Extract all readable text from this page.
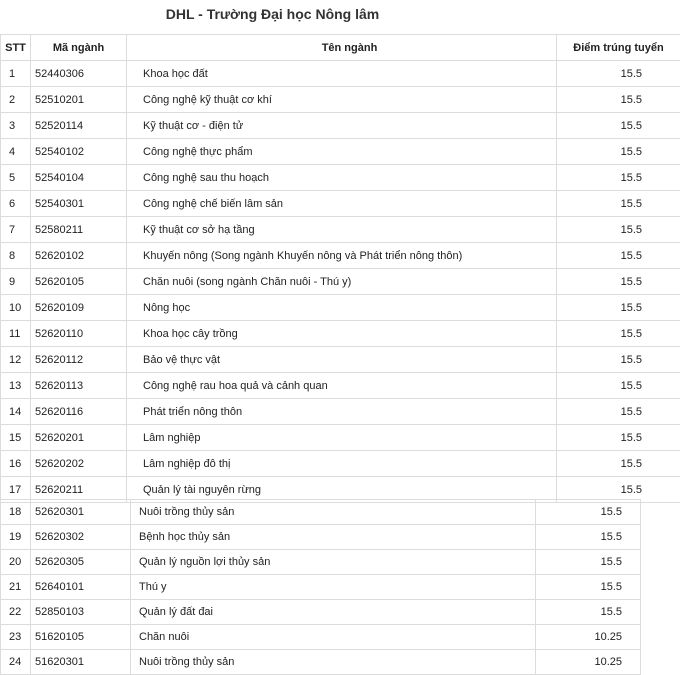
DHL - Trường Đại học Nông lâm
STT	Mã ngành	Tên ngành	Điểm trúng tuyển
1	52440306	Khoa học đất	15.5
2	52510201	Công nghệ kỹ thuật cơ khí	15.5
3	52520114	Kỹ thuật cơ - điện tử	15.5
4	52540102	Công nghệ thực phẩm	15.5
5	52540104	Công nghệ sau thu hoạch	15.5
6	52540301	Công nghệ chế biến lâm sản	15.5
7	52580211	Kỹ thuật cơ sở hạ tầng	15.5
8	52620102	Khuyến nông (Song ngành Khuyến nông và Phát triển nông thôn)	15.5
9	52620105	Chăn nuôi (song ngành Chăn nuôi - Thú y)	15.5
10	52620109	Nông học	15.5
11	52620110	Khoa học cây trồng	15.5
12	52620112	Bảo vệ thực vật	15.5
13	52620113	Công nghệ rau hoa quả và cảnh quan	15.5
14	52620116	Phát triển nông thôn	15.5
15	52620201	Lâm nghiệp	15.5
16	52620202	Lâm nghiệp đô thị	15.5
17	52620211	Quản lý tài nguyên rừng	15.5
18	52620301	Nuôi trồng thủy sản	15.5
19	52620302	Bệnh học thủy sản	15.5
20	52620305	Quản lý nguồn lợi thủy sản	15.5
21	52640101	Thú y	15.5
22	52850103	Quản lý đất đai	15.5
23	51620105	Chăn nuôi	10.25
24	51620301	Nuôi trồng thủy sản	10.25
